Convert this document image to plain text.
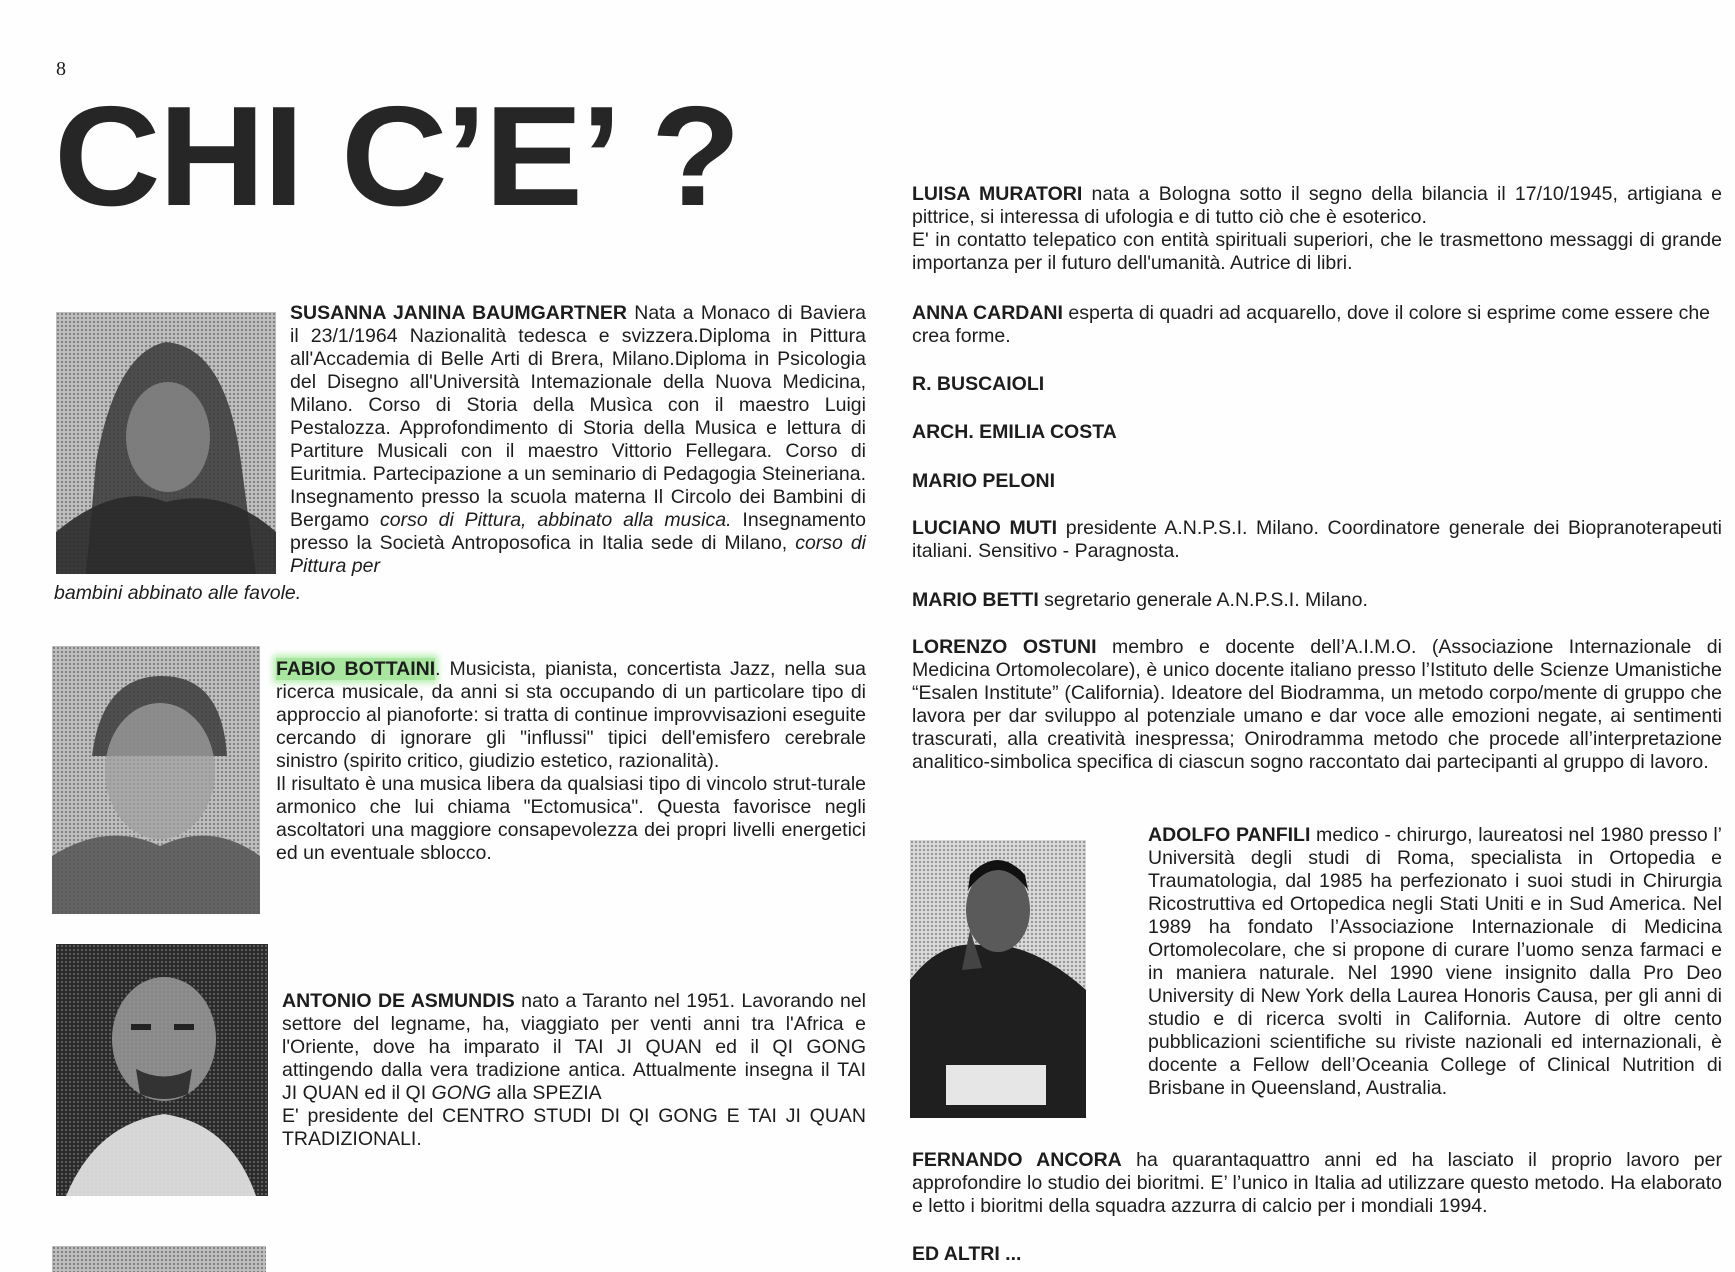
8
CHI C’E’ ?
SUSANNA JANINA BAUMGARTNER Nata a Monaco di Baviera il 23/1/1964 Nazionalità tedesca e svizzera.Diploma in Pittura all'Accademia di Belle Arti di Brera, Milano.Diploma in Psicologia del Disegno all'Università Intemazionale della Nuova Medicina, Milano. Corso di Storia della Musìca con il maestro Luigi Pestalozza. Approfondimento di Storia della Musica e lettura di Partiture Musicali con il maestro Vittorio Fellegara. Corso di Euritmia. Partecipazione a un seminario di Pedagogia Steineriana. Insegnamento presso la scuola materna Il Circolo dei Bambini di Bergamo corso di Pittura, abbinato alla musica. Insegnamento presso la Società Antroposofica in Italia sede di Milano, corso di Pittura per
bambini abbinato alle favole.
FABIO BOTTAINI. Musicista, pianista, concertista Jazz, nella sua ricerca musicale, da anni si sta occupando di un particolare tipo di approccio al pianoforte: si tratta di continue improvvisazioni eseguite cercando di ignorare gli "influssi" tipici dell'emisfero cerebrale sinistro (spirito critico, giudizio estetico, razionalità).
Il risultato è una musica libera da qualsiasi tipo di vincolo strut-turale armonico che lui chiama "Ectomusica". Questa favorisce negli ascoltatori una maggiore consapevolezza dei propri livelli energetici ed un eventuale sblocco.
ANTONIO DE ASMUNDIS nato a Taranto nel 1951. Lavorando nel settore del legname, ha, viaggiato per venti anni tra l'Africa e l'Oriente, dove ha imparato il TAI JI QUAN ed il QI GONG attingendo dalla vera tradizione antica. Attualmente insegna il TAI JI QUAN ed il QI GONG alla SPEZIA
E' presidente del CENTRO STUDI DI QI GONG E TAI JI QUAN TRADIZIONALI.
LUISA MURATORI nata a Bologna sotto il segno della bilancia il 17/10/1945, artigiana e pittrice, si interessa di ufologia e di tutto ciò che è esoterico.
E' in contatto telepatico con entità spirituali superiori, che le trasmettono messaggi di grande importanza per il futuro dell'umanità. Autrice di libri.
ANNA CARDANI esperta di quadri ad acquarello, dove il colore si esprime come essere che crea forme.
R. BUSCAIOLI
ARCH. EMILIA COSTA
MARIO PELONI
LUCIANO MUTI presidente A.N.P.S.I. Milano. Coordinatore generale dei Biopranoterapeuti italiani. Sensitivo - Paragnosta.
MARIO BETTI segretario generale A.N.P.S.I. Milano.
LORENZO OSTUNI membro e docente dell’A.I.M.O. (Associazione Internazionale di Medicina Ortomolecolare), è unico docente italiano presso l’Istituto delle Scienze Umanistiche “Esalen Institute” (California). Ideatore del Biodramma, un metodo corpo/mente di gruppo che lavora per dar sviluppo al potenziale umano e dar voce alle emozioni negate, ai sentimenti trascurati, alla creatività inespressa; Onirodramma metodo che procede all’interpretazione analitico-simbolica specifica di ciascun sogno raccontato dai partecipanti al gruppo di lavoro.
ADOLFO PANFILI medico - chirurgo, laureatosi nel 1980 presso l’ Università degli studi di Roma, specialista in Ortopedia e Traumatologia, dal 1985 ha perfezionato i suoi studi in Chirurgia Ricostruttiva ed Ortopedica negli Stati Uniti e in Sud America. Nel 1989 ha fondato l’Associazione Internazionale di Medicina Ortomolecolare, che si propone di curare l’uomo senza farmaci e in maniera naturale. Nel 1990 viene insignito dalla Pro Deo University di New York della Laurea Honoris Causa, per gli anni di studio e di ricerca svolti in California. Autore di oltre cento pubblicazioni scientifiche su riviste nazionali ed internazionali, è docente a Fellow dell’Oceania College of Clinical Nutrition di Brisbane in Queensland, Australia.
FERNANDO ANCORA ha quarantaquattro anni ed ha lasciato il proprio lavoro per approfondire lo studio dei bioritmi. E’ l’unico in Italia ad utilizzare questo metodo. Ha elaborato e letto i bioritmi della squadra azzurra di calcio per i mondiali 1994.
ED ALTRI ...
